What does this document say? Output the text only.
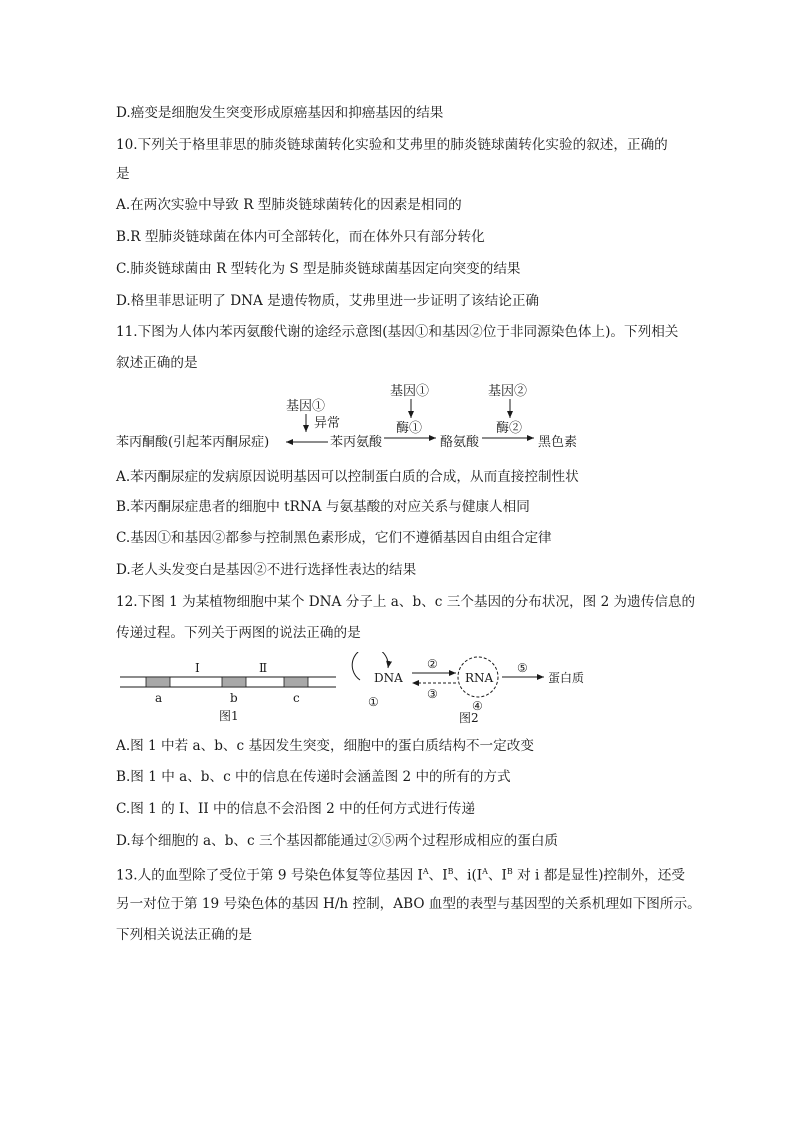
D.癌变是细胞发生突变形成原癌基因和抑癌基因的结果
10.下列关于格里菲思的肺炎链球菌转化实验和艾弗里的肺炎链球菌转化实验的叙述，正确的
是
A.在两次实验中导致 R 型肺炎链球菌转化的因素是相同的
B.R 型肺炎链球菌在体内可全部转化，而在体外只有部分转化
C.肺炎链球菌由 R 型转化为 S 型是肺炎链球菌基因定向突变的结果
D.格里菲思证明了 DNA 是遗传物质，艾弗里进一步证明了该结论正确
11.下图为人体内苯丙氨酸代谢的途经示意图(基因①和基因②位于非同源染色体上)。下列相关
叙述正确的是
基因①
异常
基因①
酶①
基因②
酶②
苯丙酮酸(引起苯丙酮尿症)	苯丙氨酸	酪氨酸	黑色素
A.苯丙酮尿症的发病原因说明基因可以控制蛋白质的合成，从而直接控制性状
B.苯丙酮尿症患者的细胞中 tRNA 与氨基酸的对应关系与健康人相同
C.基因①和基因②都参与控制黑色素形成，它们不遵循基因自由组合定律
D.老人头发变白是基因②不进行选择性表达的结果
12.下图 1 为某植物细胞中某个 DNA 分子上 a、b、c 三个基因的分布状况，图 2 为遗传信息的
传递过程。下列关于两图的说法正确的是
I	Ⅱ
a	b	c
图1
DNA
①
②
③
RNA
④
⑤
蛋白质
图2
A.图 1 中若 a、b、c 基因发生突变，细胞中的蛋白质结构不一定改变
B.图 1 中 a、b、c 中的信息在传递时会涵盖图 2 中的所有的方式
C.图 1 的 I、II 中的信息不会沿图 2 中的任何方式进行传递
D.每个细胞的 a、b、c 三个基因都能通过②⑤两个过程形成相应的蛋白质
13.人的血型除了受位于第 9 号染色体复等位基因 $I^A$、$I^B$、$i(I^A$、$I^B$ 对 i 都是显性)控制外，还受
另一对位于第 19 号染色体的基因 H/h 控制，ABO 血型的表型与基因型的关系机理如下图所示。
下列相关说法正确的是
